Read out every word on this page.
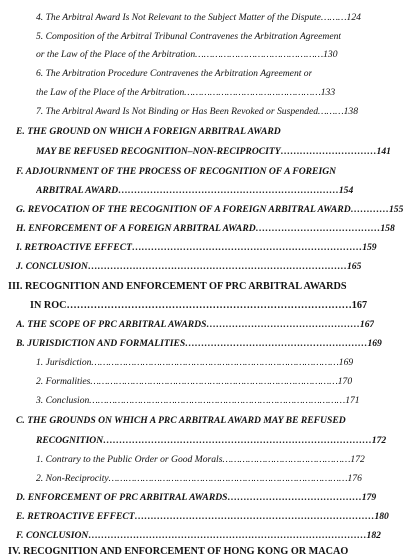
4. The Arbitral Award Is Not Relevant to the Subject Matter of the Dispute………124
5. Composition of the Arbitral Tribunal Contravenes the Arbitration Agreement
or the Law of the Place of the Arbitration………………………………………130
6. The Arbitration Procedure Contravenes the Arbitration Agreement or
the Law of the Place of the Arbitration…………………………………………133
7. The Arbitral Award Is Not Binding or Has Been Revoked or Suspended………138
E. THE GROUND ON WHICH A FOREIGN ARBITRAL AWARD
MAY BE REFUSED RECOGNITION–NON-RECIPROCITY…………………………141
F. ADJOURNMENT OF THE PROCESS OF RECOGNITION OF A FOREIGN
ARBITRAL AWARD……………………………………………………………154
G. REVOCATION OF THE RECOGNITION OF A FOREIGN ARBITRAL AWARD…………155
H. ENFORCEMENT OF A FOREIGN ARBITRAL AWARD…………………………………158
I. RETROACTIVE EFFECT………………………………………………………………159
J. CONCLUSION………………………………………………………………………165
III. RECOGNITION AND ENFORCEMENT OF PRC ARBITRAL AWARDS
IN ROC…………………………………………………………………………167
A. THE SCOPE OF PRC ARBITRAL AWARDS…………………………………………167
B. JURISDICTION AND FORMALITIES…………………………………………………169
1. Jurisdiction……………………………………………………………………………169
2. Formalities……………………………………………………………………………170
3. Conclusion………………………………………………………………………………171
C. THE GROUNDS ON WHICH A PRC ARBITRAL AWARD MAY BE REFUSED
RECOGNITION…………………………………………………………………………172
1. Contrary to the Public Order or Good Morals………………………………………172
2. Non-Reciprocity…………………………………………………………………………176
D. ENFORCEMENT OF PRC ARBITRAL AWARDS……………………………………179
E. RETROACTIVE EFFECT…………………………………………………………………180
F. CONCLUSION……………………………………………………………………………182
IV. RECOGNITION AND ENFORCEMENT OF HONG KONG OR MACAO
